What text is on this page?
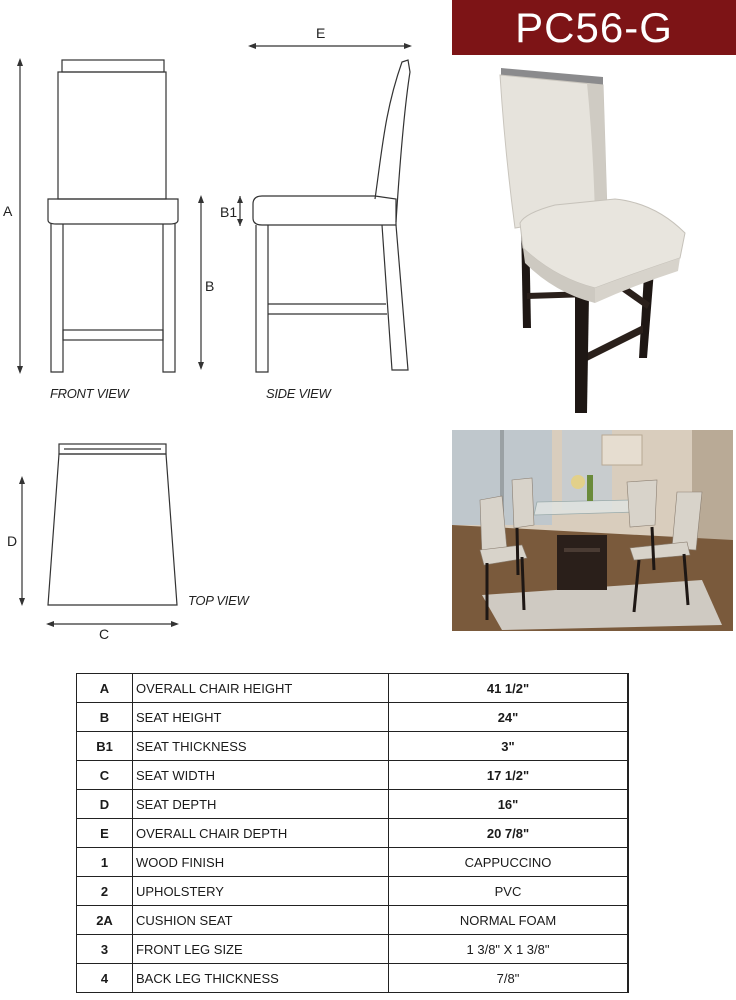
PC56-G
A
B
B1
C
D
E
FRONT VIEW	SIDE VIEW
TOP VIEW
A	OVERALL CHAIR HEIGHT	41 1/2"
B	SEAT HEIGHT	24"
B1	SEAT THICKNESS	3"
C	SEAT WIDTH	17 1/2"
D	SEAT DEPTH	16"
E	OVERALL CHAIR DEPTH	20 7/8"
1	WOOD FINISH	CAPPUCCINO
2	UPHOLSTERY	PVC
2A	CUSHION SEAT	NORMAL FOAM
3	FRONT LEG SIZE	1 3/8" X 1 3/8"
4	BACK LEG THICKNESS	7/8"
